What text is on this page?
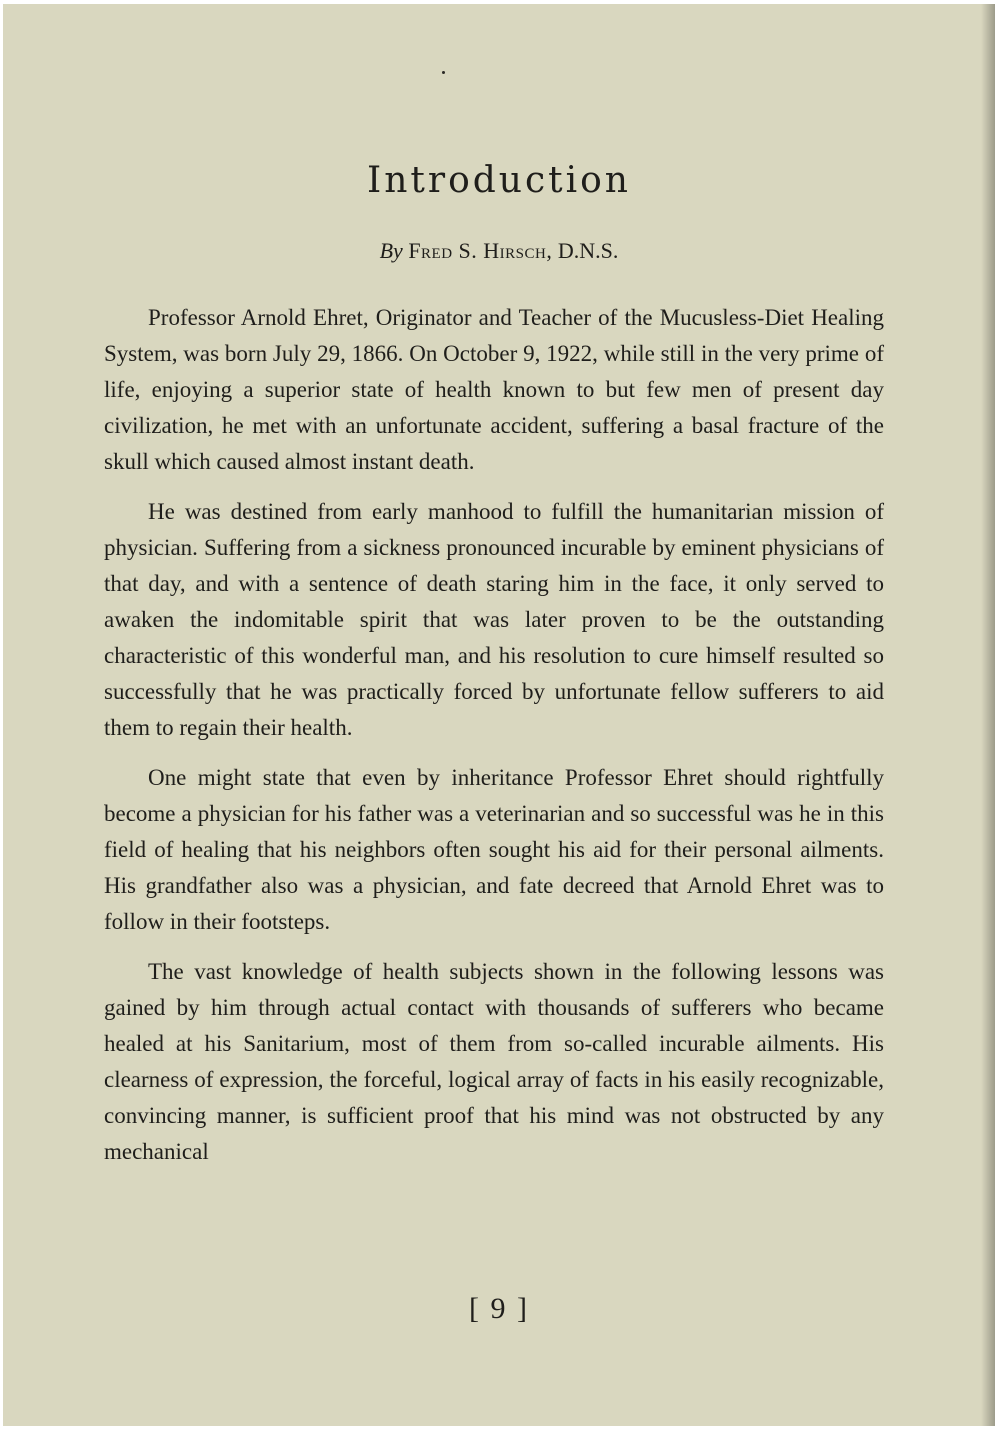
Introduction
By Fred S. Hirsch, D.N.S.

Professor Arnold Ehret, Originator and Teacher of the Mucusless-Diet Healing System, was born July 29, 1866. On October 9, 1922, while still in the very prime of life, enjoying a superior state of health known to but few men of present day civilization, he met with an unfortunate accident, suffering a basal fracture of the skull which caused almost instant death.

He was destined from early manhood to fulfill the humanitarian mission of physician. Suffering from a sickness pronounced incurable by eminent physicians of that day, and with a sentence of death staring him in the face, it only served to awaken the indomitable spirit that was later proven to be the outstanding characteristic of this wonderful man, and his resolution to cure himself resulted so successfully that he was practically forced by unfortunate fellow sufferers to aid them to regain their health.

One might state that even by inheritance Professor Ehret should rightfully become a physician for his father was a veterinarian and so successful was he in this field of healing that his neighbors often sought his aid for their personal ailments. His grandfather also was a physician, and fate decreed that Arnold Ehret was to follow in their footsteps.

The vast knowledge of health subjects shown in the following lessons was gained by him through actual contact with thousands of sufferers who became healed at his Sanitarium, most of them from so-called incurable ailments. His clearness of expression, the forceful, logical array of facts in his easily recognizable, convincing manner, is sufficient proof that his mind was not obstructed by any mechanical

[ 9 ]
